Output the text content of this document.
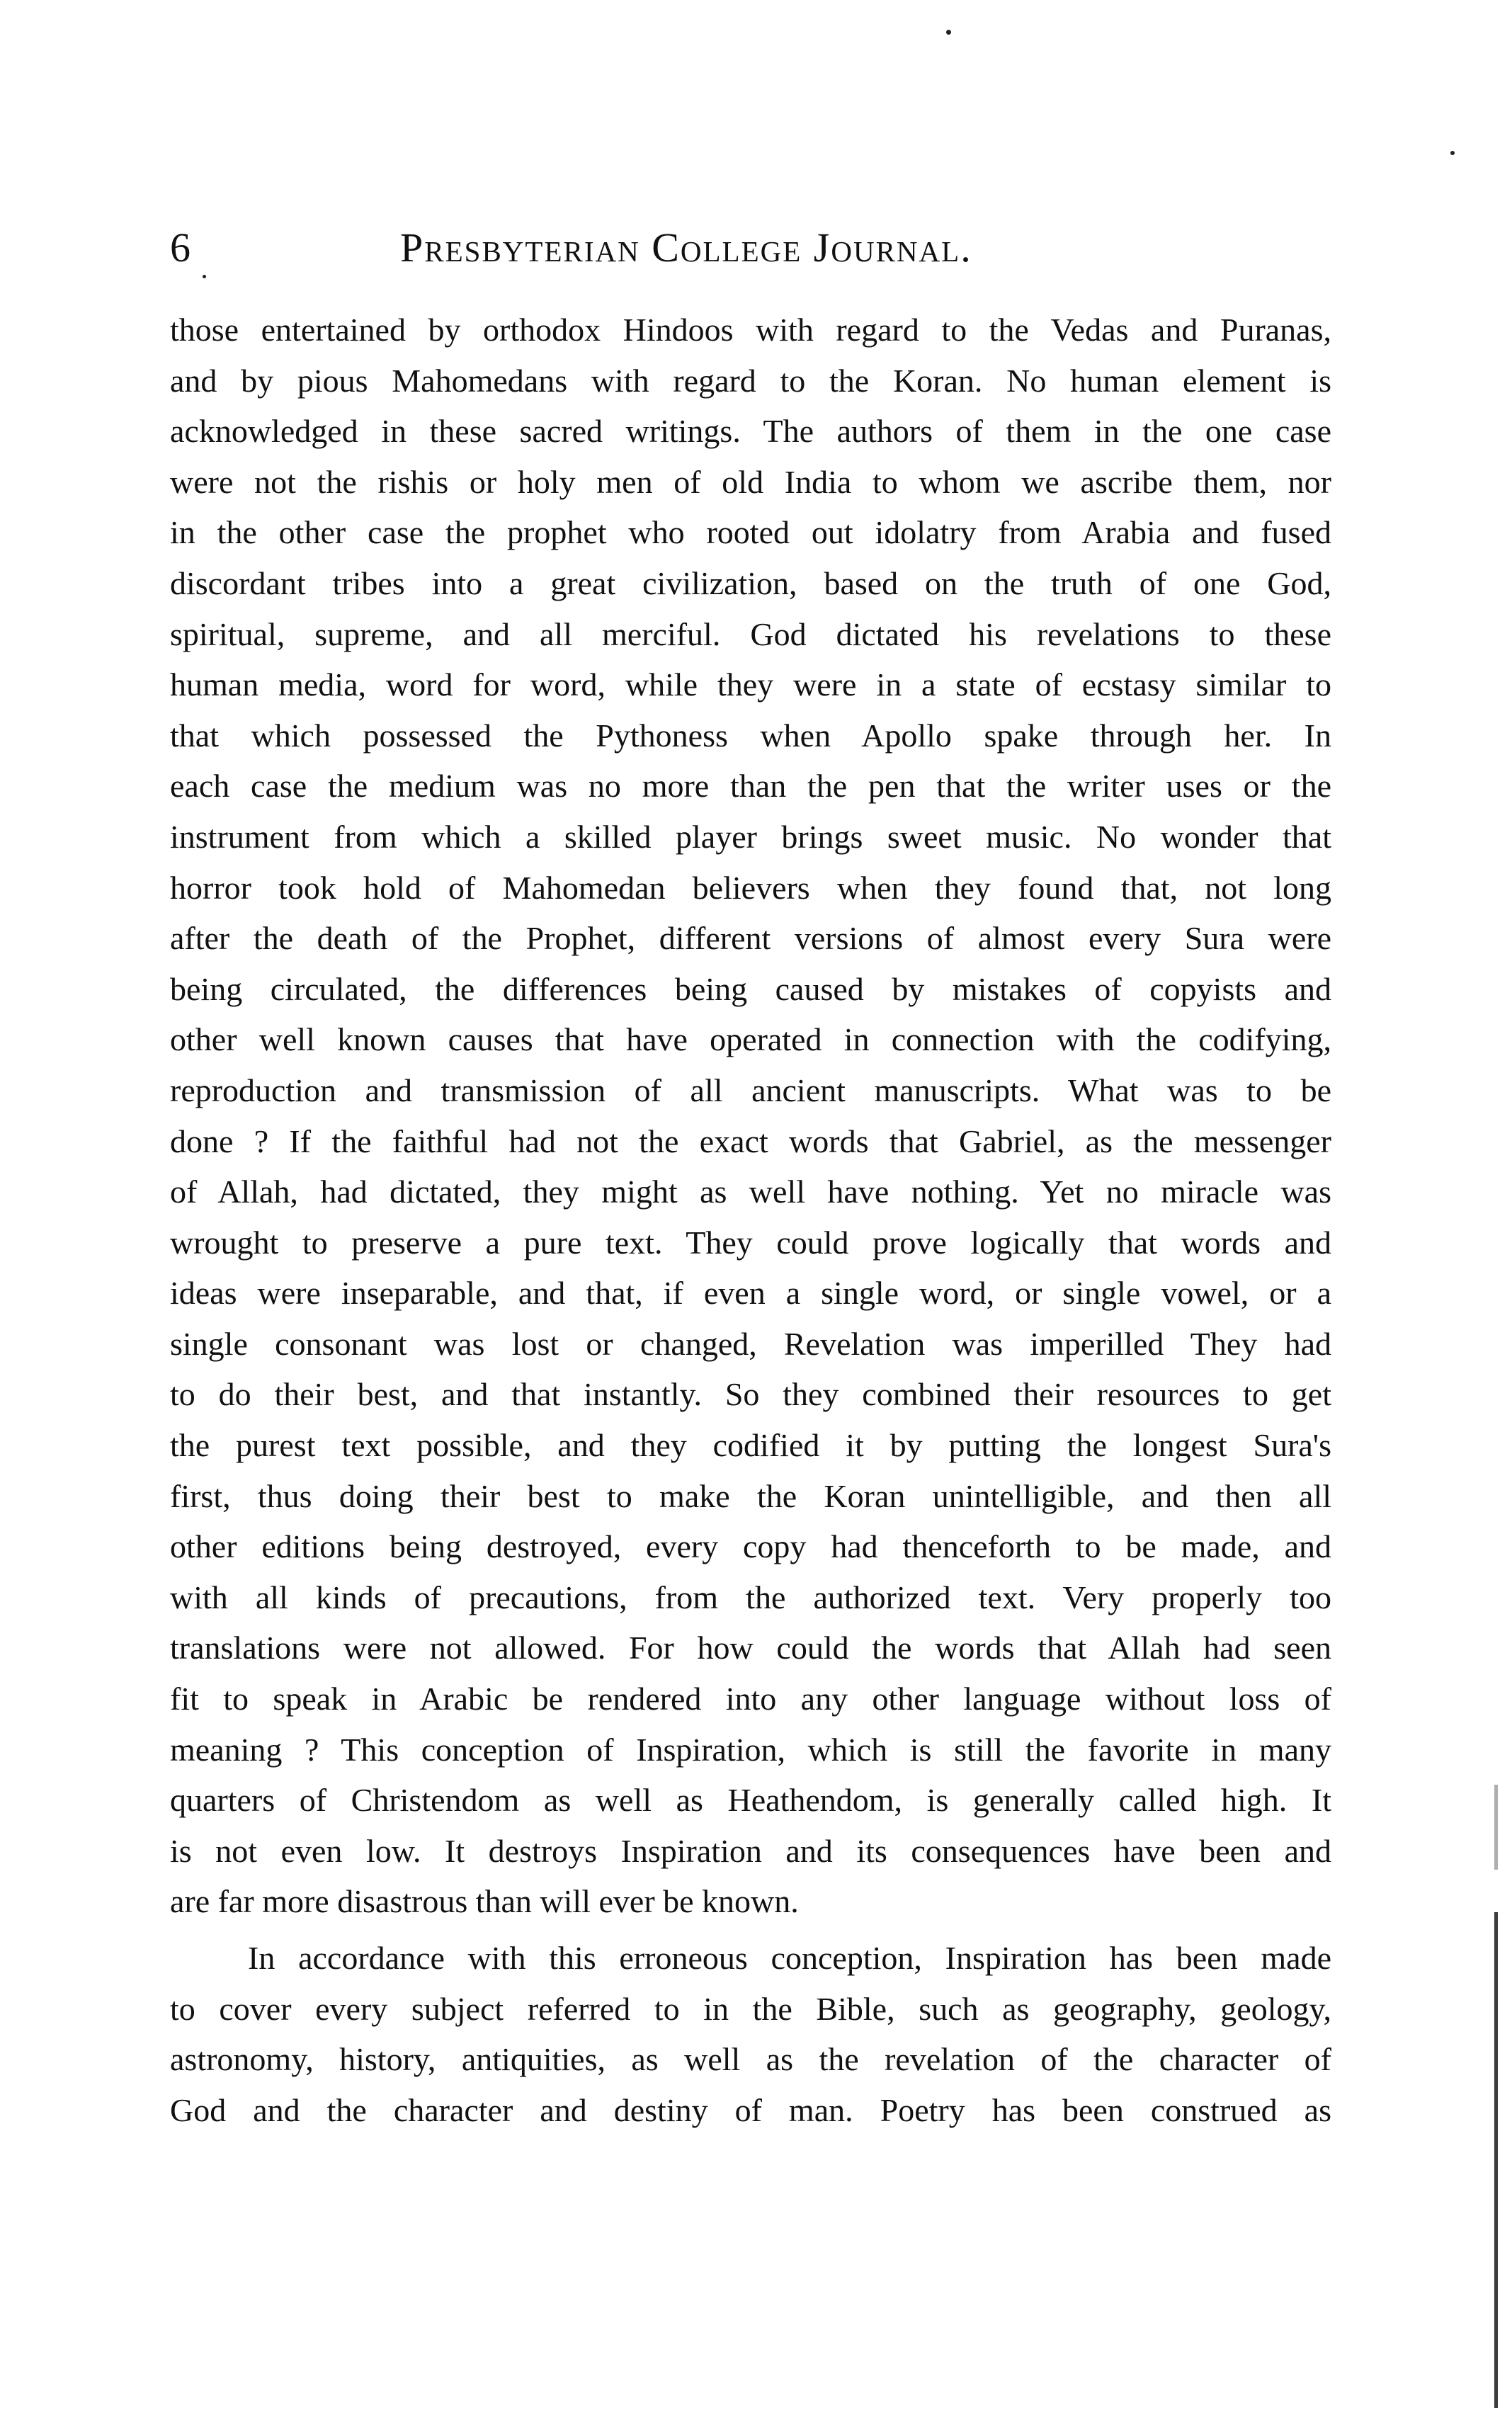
6	Presbyterian College Journal.
those entertained by orthodox Hindoos with regard to the Vedas and Puranas,
and by pious Mahomedans with regard to the Koran. No human element is
acknowledged in these sacred writings. The authors of them in the one case
were not the rishis or holy men of old India to whom we ascribe them, nor
in the other case the prophet who rooted out idolatry from Arabia and fused
discordant tribes into a great civilization, based on the truth of one God,
spiritual, supreme, and all merciful. God dictated his revelations to these
human media, word for word, while they were in a state of ecstasy similar to
that which possessed the Pythoness when Apollo spake through her. In
each case the medium was no more than the pen that the writer uses or the
instrument from which a skilled player brings sweet music. No wonder that
horror took hold of Mahomedan believers when they found that, not long
after the death of the Prophet, different versions of almost every Sura were
being circulated, the differences being caused by mistakes of copyists and
other well known causes that have operated in connection with the codifying,
reproduction and transmission of all ancient manuscripts. What was to be
done ? If the faithful had not the exact words that Gabriel, as the messenger
of Allah, had dictated, they might as well have nothing. Yet no miracle was
wrought to preserve a pure text. They could prove logically that words and
ideas were inseparable, and that, if even a single word, or single vowel, or a
single consonant was lost or changed, Revelation was imperilled They had
to do their best, and that instantly. So they combined their resources to get
the purest text possible, and they codified it by putting the longest Sura's
first, thus doing their best to make the Koran unintelligible, and then all
other editions being destroyed, every copy had thenceforth to be made, and
with all kinds of precautions, from the authorized text. Very properly too
translations were not allowed. For how could the words that Allah had seen
fit to speak in Arabic be rendered into any other language without loss of
meaning ? This conception of Inspiration, which is still the favorite in many
quarters of Christendom as well as Heathendom, is generally called high. It
is not even low. It destroys Inspiration and its consequences have been and
are far more disastrous than will ever be known.
In accordance with this erroneous conception, Inspiration has been made
to cover every subject referred to in the Bible, such as geography, geology,
astronomy, history, antiquities, as well as the revelation of the character of
God and the character and destiny of man. Poetry has been construed as
